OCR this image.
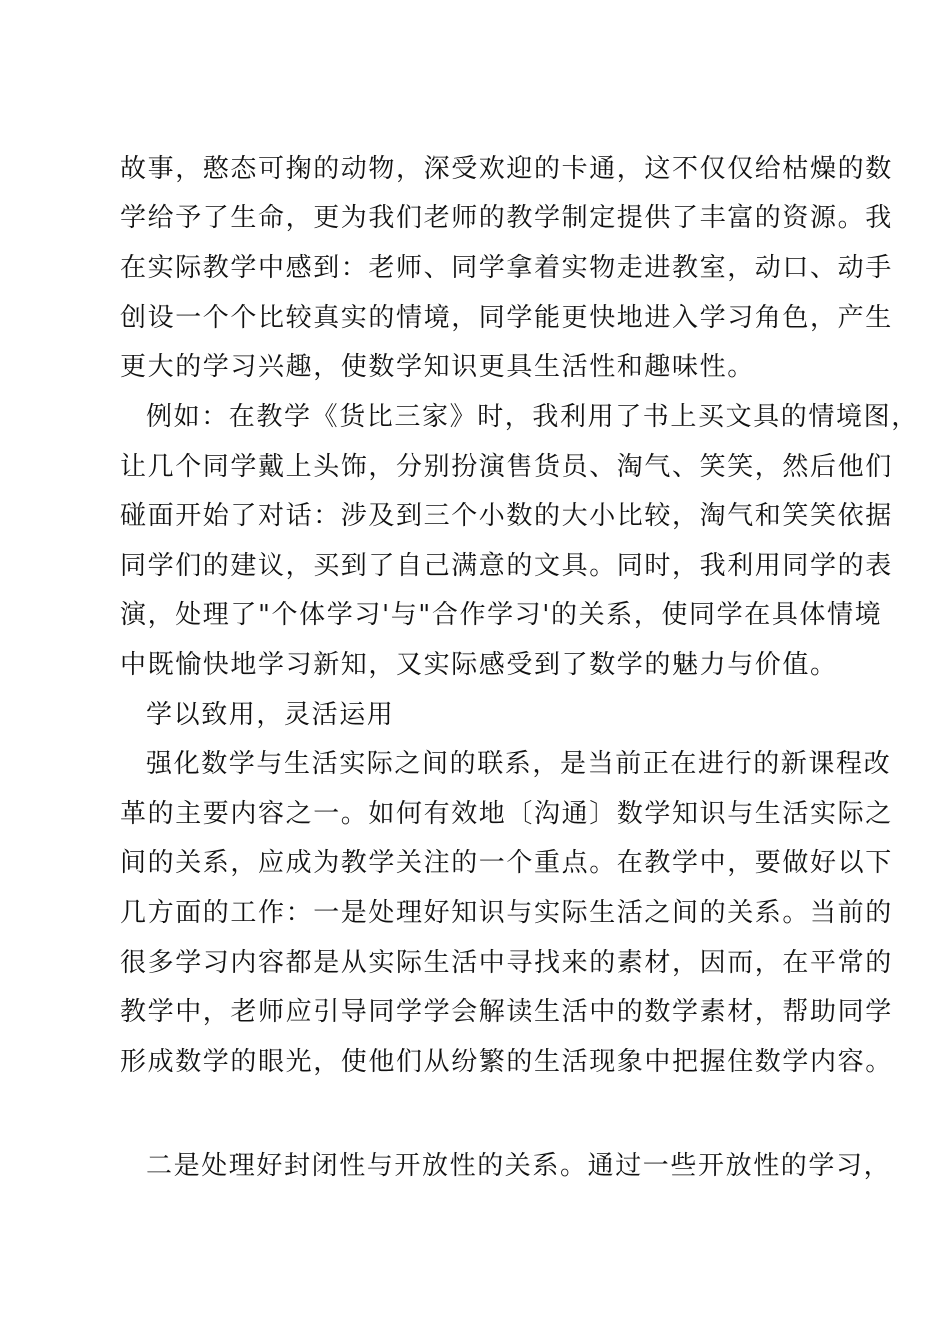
故事，憨态可掬的动物，深受欢迎的卡通，这不仅仅给枯燥的数
学给予了生命，更为我们老师的教学制定提供了丰富的资源。我
在实际教学中感到：老师、同学拿着实物走进教室，动口、动手
创设一个个比较真实的情境，同学能更快地进入学习角色，产生
更大的学习兴趣，使数学知识更具生活性和趣味性。
例如：在教学《货比三家》时，我利用了书上买文具的情境图，
让几个同学戴上头饰，分别扮演售货员、淘气、笑笑，然后他们
碰面开始了对话：涉及到三个小数的大小比较，淘气和笑笑依据
同学们的建议，买到了自己满意的文具。同时，我利用同学的表
演，处理了"个体学习'与"合作学习'的关系，使同学在具体情境
中既愉快地学习新知，又实际感受到了数学的魅力与价值。
学以致用，灵活运用
强化数学与生活实际之间的联系，是当前正在进行的新课程改
革的主要内容之一。如何有效地〔沟通〕数学知识与生活实际之
间的关系，应成为教学关注的一个重点。在教学中，要做好以下
几方面的工作：一是处理好知识与实际生活之间的关系。当前的
很多学习内容都是从实际生活中寻找来的素材，因而，在平常的
教学中，老师应引导同学学会解读生活中的数学素材，帮助同学
形成数学的眼光，使他们从纷繁的生活现象中把握住数学内容。
二是处理好封闭性与开放性的关系。通过一些开放性的学习，
